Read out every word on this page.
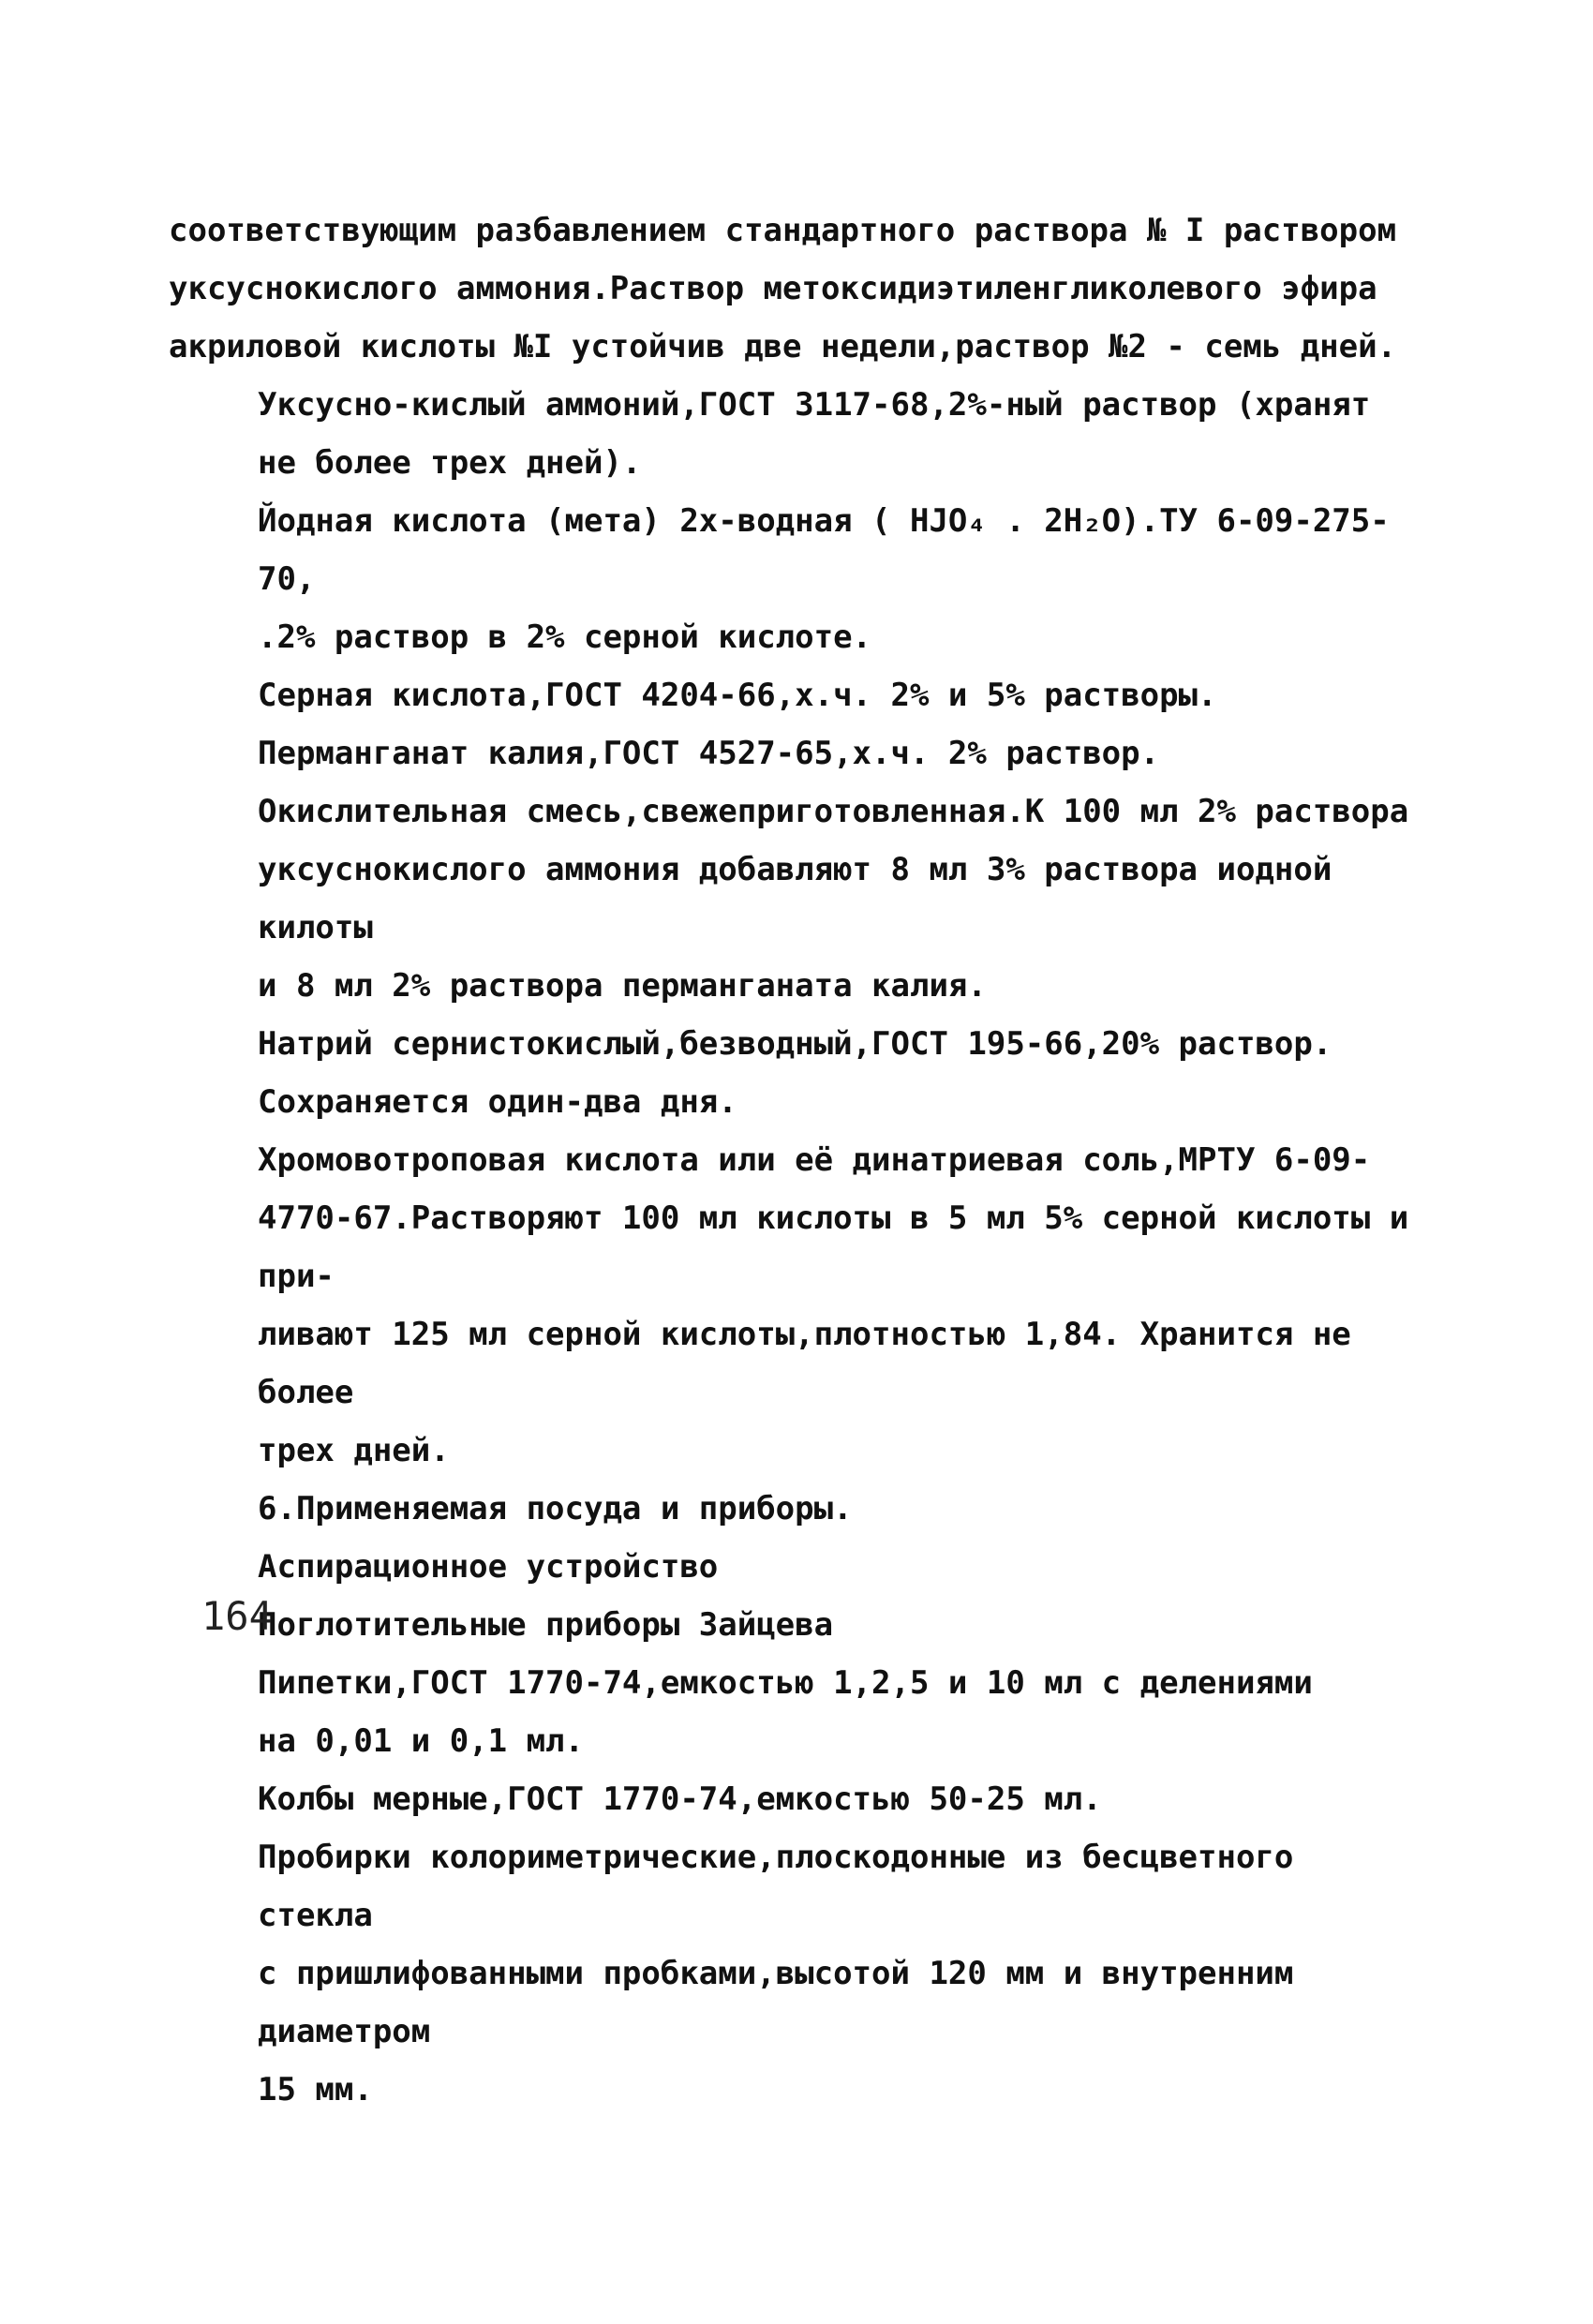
соответствующим разбавлением стандартного раствора № I раствором
уксуснокислого аммония.Раствор метоксидиэтиленгликолевого эфира
акриловой кислоты №I устойчив две недели,раствор №2 - семь дней.

Уксусно-кислый аммоний,ГОСТ 3117-68,2%-ный раствор (хранят
не более трех дней).

Йодная кислота (мета) 2х-водная ( HJO₄ . 2H₂O).ТУ 6-09-275-70,
.2% раствор в 2% серной кислоте.

Серная кислота,ГОСТ 4204-66,х.ч. 2% и 5% растворы.

Перманганат калия,ГОСТ 4527-65,х.ч. 2% раствор.

Окислительная смесь,свежеприготовленная.К 100 мл 2% раствора
уксуснокислого аммония добавляют 8 мл 3% раствора иодной килоты
и 8 мл 2% раствора перманганата калия.

Натрий сернистокислый,безводный,ГОСТ 195-66,20% раствор.
Сохраняется один-два дня.

Хромовотроповая кислота или её динатриевая соль,МРТУ 6-09-
4770-67.Растворяют 100 мл кислоты в 5 мл 5% серной кислоты и при-
ливают 125 мл серной кислоты,плотностью 1,84. Хранится не более
трех дней.

6.Применяемая посуда и приборы.

Аспирационное устройство

Поглотительные приборы Зайцева

Пипетки,ГОСТ 1770-74,емкостью 1,2,5 и 10 мл с делениями
на 0,01 и 0,1 мл.

Колбы мерные,ГОСТ 1770-74,емкостью 50-25 мл.

Пробирки колориметрические,плоскодонные из бесцветного стекла
с пришлифованными пробками,высотой 120 мм и внутренним диаметром
15 мм.

164
